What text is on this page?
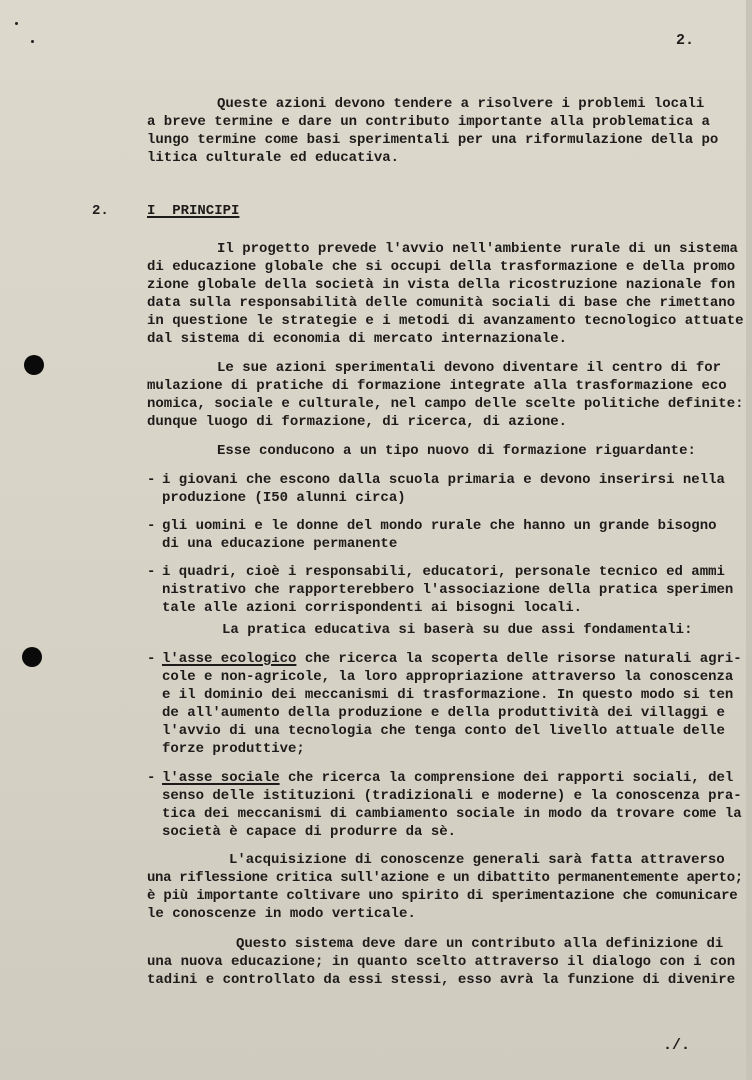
2.
Queste azioni devono tendere a risolvere i problemi locali
a breve termine e dare un contributo importante alla problematica a
lungo termine come basi sperimentali per una riformulazione della po
litica culturale ed educativa.
2.	I  PRINCIPI
Il progetto prevede l'avvio nell'ambiente rurale di un sistema
di educazione globale che si occupi della trasformazione e della promo
zione globale della società in vista della ricostruzione nazionale fon
data sulla responsabilità delle comunità sociali di base che rimettano
in questione le strategie e i metodi di avanzamento tecnologico attuate
dal sistema di economia di mercato internazionale.
Le sue azioni sperimentali devono diventare il centro di for
mulazione di pratiche di formazione integrate alla trasformazione eco
nomica, sociale e culturale, nel campo delle scelte politiche definite:
dunque luogo di formazione, di ricerca, di azione.
Esse conducono a un tipo nuovo di formazione riguardante:
- i giovani che escono dalla scuola primaria e devono inserirsi nella
produzione (I50 alunni circa)
- gli uomini e le donne del mondo rurale che hanno un grande bisogno
di una educazione permanente
- i quadri, cioè i responsabili, educatori, personale tecnico ed ammi
nistrativo che rapporterebbero l'associazione della pratica sperimen
tale alle azioni corrispondenti ai bisogni locali.
La pratica educativa si baserà su due assi fondamentali:
- l'asse ecologico che ricerca la scoperta delle risorse naturali agri-
cole e non-agricole, la loro appropriazione attraverso la conoscenza
e il dominio dei meccanismi di trasformazione. In questo modo si ten
de all'aumento della produzione e della produttività dei villaggi e
l'avvio di una tecnologia che tenga conto del livello attuale delle
forze produttive;
- l'asse sociale che ricerca la comprensione dei rapporti sociali, del
senso delle istituzioni (tradizionali e moderne) e la conoscenza pra-
tica dei meccanismi di cambiamento sociale in modo da trovare come la
società è capace di produrre da sè.
L'acquisizione di conoscenze generali sarà fatta attraverso
una riflessione critica sull'azione e un dibattito permanentemente aperto;
è più importante coltivare uno spirito di sperimentazione che comunicare
le conoscenze in modo verticale.
Questo sistema deve dare un contributo alla definizione di
una nuova educazione; in quanto scelto attraverso il dialogo con i con
tadini e controllato da essi stessi, esso avrà la funzione di divenire
./.
